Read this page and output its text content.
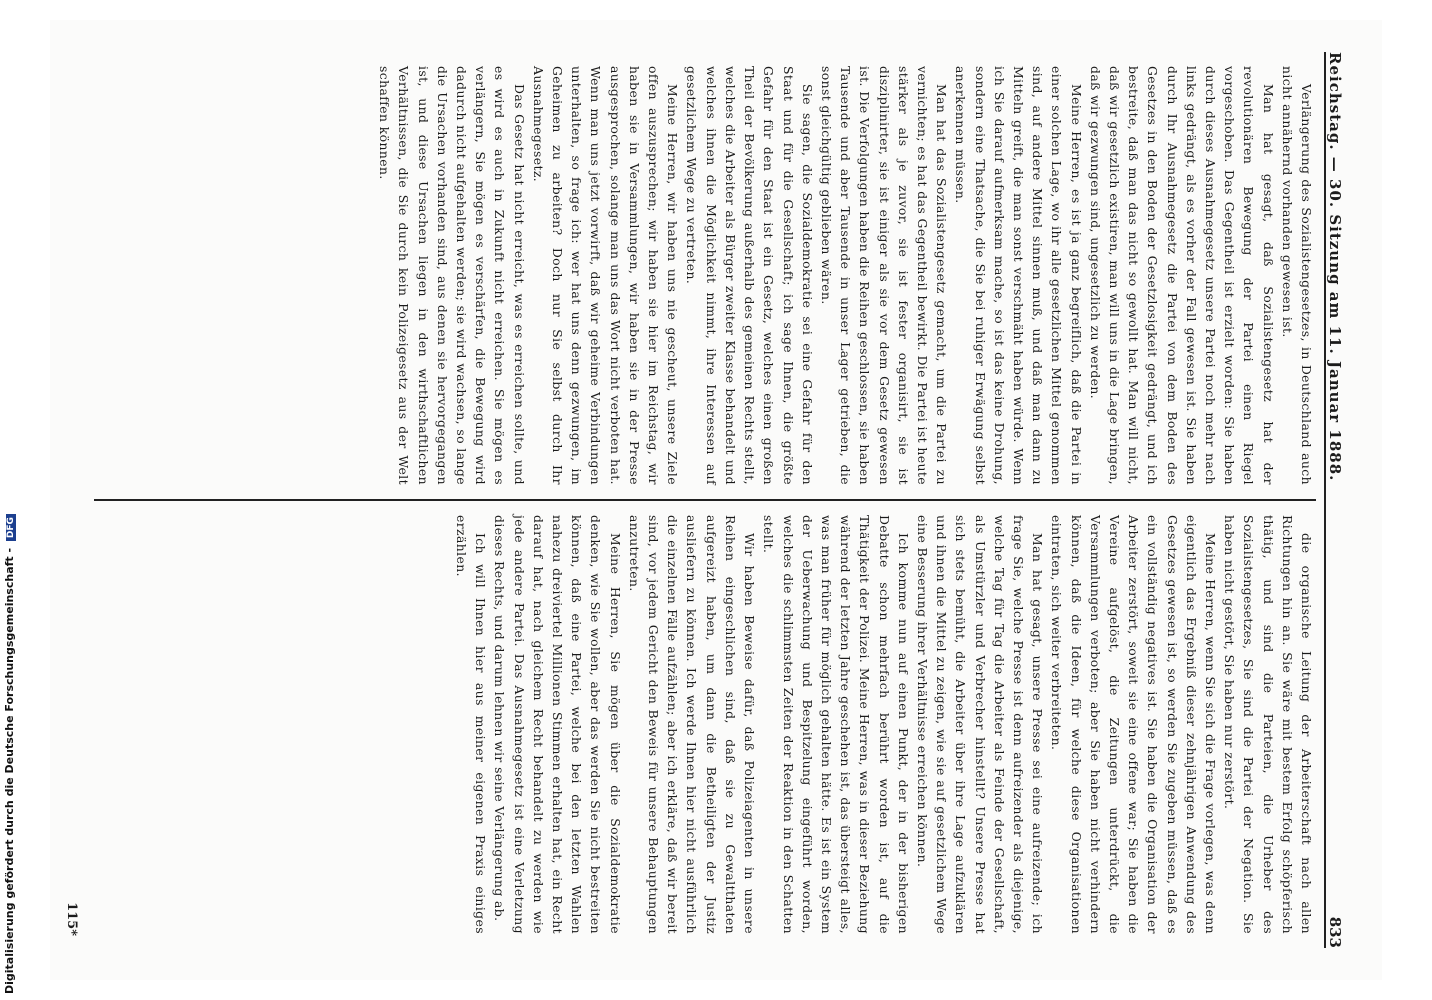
Reichstag. — 30. Sitzung am 11. Januar 1888.
833

Verlängerung des Sozialistengesetzes, in Deutschland auch nicht annähernd vorhanden gewesen ist.

Man hat gesagt, daß Sozialistengesetz hat der revolutionären Bewegung der Partei einen Riegel vorgeschoben. Das Gegentheil ist erzielt worden: Sie haben durch dieses Ausnahmegesetz unsere Partei noch mehr nach links gedrängt, als es vorher der Fall gewesen ist. Sie haben durch Ihr Ausnahmegesetz die Partei von dem Boden des Gesetzes in den Boden der Gesetzlosigkeit gedrängt, und ich bestreite, daß man das nicht so gewollt hat. Man will nicht, daß wir gesetzlich existiren, man will uns in die Lage bringen, daß wir gezwungen sind, ungesetzlich zu werden.

Meine Herren, es ist ja ganz begreiflich, daß die Partei in einer solchen Lage, wo ihr alle gesetzlichen Mittel genommen sind, auf andere Mittel sinnen muß, und daß man dann zu Mitteln greift, die man sonst verschmäht haben würde. Wenn ich Sie darauf aufmerksam mache, so ist das keine Drohung, sondern eine Thatsache, die Sie bei ruhiger Erwägung selbst anerkennen müssen.

Man hat das Sozialistengesetz gemacht, um die Partei zu vernichten; es hat das Gegentheil bewirkt. Die Partei ist heute stärker als je zuvor, sie ist fester organisirt, sie ist disziplinirter, sie ist einiger als sie vor dem Gesetz gewesen ist. Die Verfolgungen haben die Reihen geschlossen, sie haben Tausende und aber Tausende in unser Lager getrieben, die sonst gleichgültig geblieben wären.

Sie sagen, die Sozialdemokratie sei eine Gefahr für den Staat und für die Gesellschaft; ich sage Ihnen, die größte Gefahr für den Staat ist ein Gesetz, welches einen großen Theil der Bevölkerung außerhalb des gemeinen Rechts stellt, welches die Arbeiter als Bürger zweiter Klasse behandelt und welches ihnen die Möglichkeit nimmt, ihre Interessen auf gesetzlichem Wege zu vertreten.

Meine Herren, wir haben uns nie gescheut, unsere Ziele offen auszusprechen; wir haben sie hier im Reichstag, wir haben sie in Versammlungen, wir haben sie in der Presse ausgesprochen, solange man uns das Wort nicht verboten hat. Wenn man uns jetzt vorwirft, daß wir geheime Verbindungen unterhalten, so frage ich: wer hat uns denn gezwungen, im Geheimen zu arbeiten? Doch nur Sie selbst durch Ihr Ausnahmegesetz.

Das Gesetz hat nicht erreicht, was es erreichen sollte, und es wird es auch in Zukunft nicht erreichen. Sie mögen es verlängern, Sie mögen es verschärfen, die Bewegung wird dadurch nicht aufgehalten werden; sie wird wachsen, so lange die Ursachen vorhanden sind, aus denen sie hervorgegangen ist, und diese Ursachen liegen in den wirthschaftlichen Verhältnissen, die Sie durch kein Polizeigesetz aus der Welt schaffen können.

die organische Leitung der Arbeiterschaft nach allen Richtungen hin an. Sie wäre mit bestem Erfolg schöpferisch thätig, und sind die Parteien, die Urheber des Sozialistengesetzes, Sie sind die Partei der Negation. Sie haben nicht gestört, Sie haben nur zerstört.

Meine Herren, wenn Sie sich die Frage vorlegen, was denn eigentlich das Ergebniß dieser zehnjährigen Anwendung des Gesetzes gewesen ist, so werden Sie zugeben müssen, daß es ein vollständig negatives ist. Sie haben die Organisation der Arbeiter zerstört, soweit sie eine offene war; Sie haben die Vereine aufgelöst, die Zeitungen unterdrückt, die Versammlungen verboten; aber Sie haben nicht verhindern können, daß die Ideen, für welche diese Organisationen eintraten, sich weiter verbreiteten.

Man hat gesagt, unsere Presse sei eine aufreizende; ich frage Sie, welche Presse ist denn aufreizender als diejenige, welche Tag für Tag die Arbeiter als Feinde der Gesellschaft, als Umstürzler und Verbrecher hinstellt? Unsere Presse hat sich stets bemüht, die Arbeiter über ihre Lage aufzuklären und ihnen die Mittel zu zeigen, wie sie auf gesetzlichem Wege eine Besserung ihrer Verhältnisse erreichen können.

Ich komme nun auf einen Punkt, der in der bisherigen Debatte schon mehrfach berührt worden ist, auf die Thätigkeit der Polizei. Meine Herren, was in dieser Beziehung während der letzten Jahre geschehen ist, das übersteigt alles, was man früher für möglich gehalten hätte. Es ist ein System der Ueberwachung und Bespitzelung eingeführt worden, welches die schlimmsten Zeiten der Reaktion in den Schatten stellt.

Wir haben Beweise dafür, daß Polizeiagenten in unsere Reihen eingeschlichen sind, daß sie zu Gewaltthaten aufgereizt haben, um dann die Betheiligten der Justiz ausliefern zu können. Ich werde Ihnen hier nicht ausführlich die einzelnen Fälle aufzählen; aber ich erkläre, daß wir bereit sind, vor jedem Gericht den Beweis für unsere Behauptungen anzutreten.

Meine Herren, Sie mögen über die Sozialdemokratie denken, wie Sie wollen, aber das werden Sie nicht bestreiten können, daß eine Partei, welche bei den letzten Wahlen nahezu dreiviertel Millionen Stimmen erhalten hat, ein Recht darauf hat, nach gleichem Recht behandelt zu werden wie jede andere Partei. Das Ausnahmegesetz ist eine Verletzung dieses Rechts, und darum lehnen wir seine Verlängerung ab.

Ich will Ihnen hier aus meiner eigenen Praxis einiges erzählen.

115*
Digitalisierung gefördert durch die Deutsche Forschungsgemeinschaft - DFG
